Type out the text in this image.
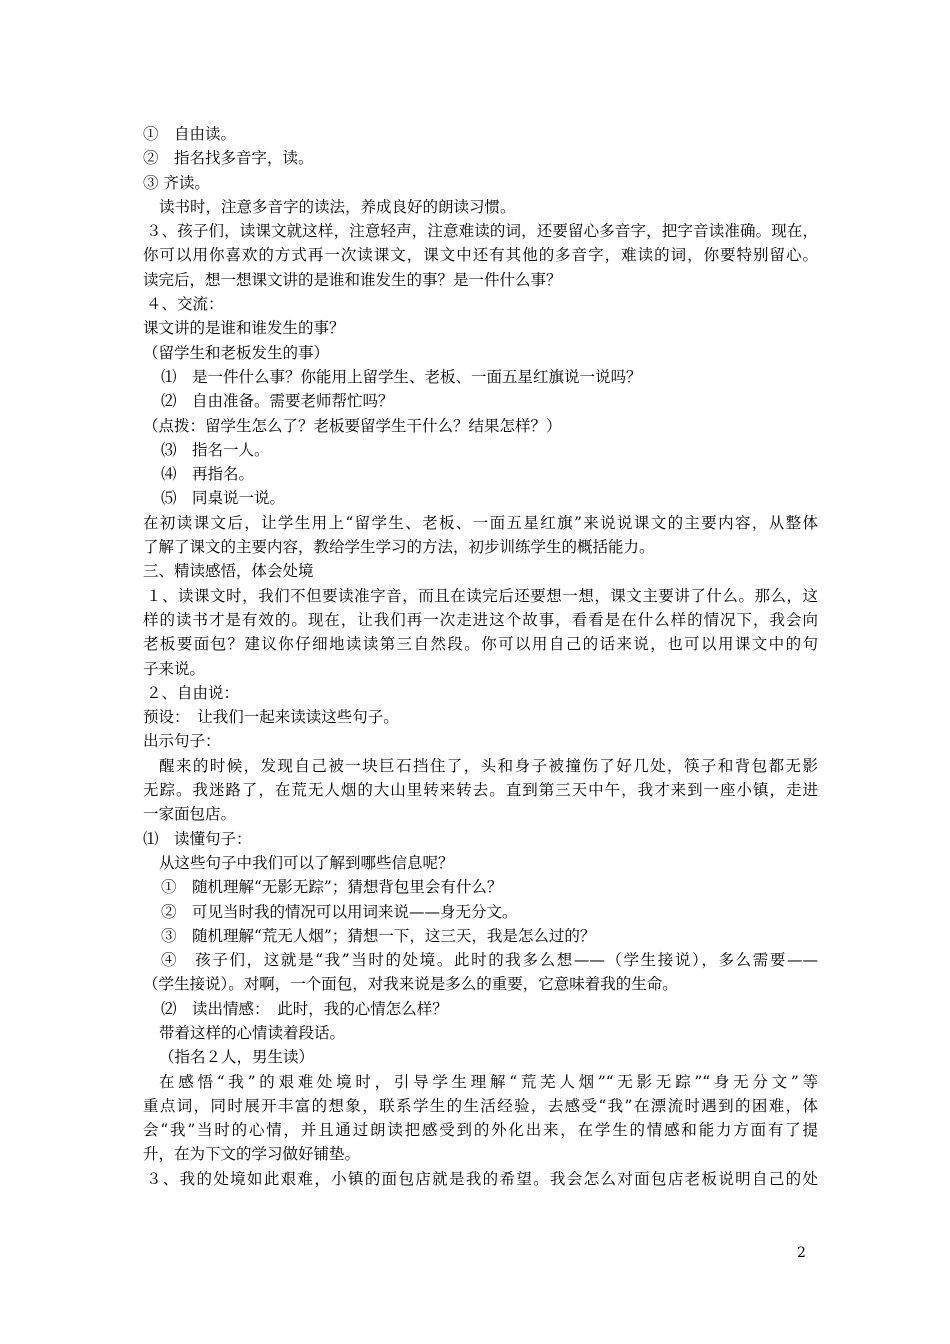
①　自由读。
②　指名找多音字，读。
③ 齐读。
读书时，注意多音字的读法，养成良好的朗读习惯。
３、孩子们，读课文就这样，注意轻声，注意难读的词，还要留心多音字，把字音读准确。现在，
你可以用你喜欢的方式再一次读课文，课文中还有其他的多音字，难读的词，你要特别留心。
读完后，想一想课文讲的是谁和谁发生的事？是一件什么事？
４、交流：
课文讲的是谁和谁发生的事？
（留学生和老板发生的事）
⑴　是一件什么事？你能用上留学生、老板、一面五星红旗说一说吗？
⑵　自由准备。需要老师帮忙吗？
（点拨：留学生怎么了？老板要留学生干什么？结果怎样？）
⑶　指名一人。
⑷　再指名。
⑸　同桌说一说。
在初读课文后，让学生用上“留学生、老板、一面五星红旗”来说说课文的主要内容，从整体
了解了课文的主要内容，教给学生学习的方法，初步训练学生的概括能力。
三、精读感悟，体会处境
１、读课文时，我们不但要读准字音，而且在读完后还要想一想，课文主要讲了什么。那么，这
样的读书才是有效的。现在，让我们再一次走进这个故事，看看是在什么样的情况下，我会向
老板要面包？建议你仔细地读读第三自然段。你可以用自己的话来说，也可以用课文中的句
子来说。
２、自由说：
预设：　让我们一起来读读这些句子。
出示句子：
醒来的时候，发现自己被一块巨石挡住了，头和身子被撞伤了好几处，筷子和背包都无影
无踪。我迷路了，在荒无人烟的大山里转来转去。直到第三天中午，我才来到一座小镇，走进
一家面包店。
⑴　读懂句子：
从这些句子中我们可以了解到哪些信息呢？
①　随机理解“无影无踪”；猜想背包里会有什么？
②　可见当时我的情况可以用词来说——身无分文。
③　随机理解“荒无人烟”；猜想一下，这三天，我是怎么过的？
④　孩子们，这就是“我”当时的处境。此时的我多么想——（学生接说），多么需要——
（学生接说）。对啊，一个面包，对我来说是多么的重要，它意味着我的生命。
⑵　读出情感：　此时，我的心情怎么样？
带着这样的心情读着段话。
（指名２人，男生读）
在感悟“我”的艰难处境时，引导学生理解“荒芜人烟”“无影无踪”“身无分文”等
重点词，同时展开丰富的想象，联系学生的生活经验，去感受“我”在漂流时遇到的困难，体
会“我”当时的心情，并且通过朗读把感受到的外化出来，在学生的情感和能力方面有了提
升，在为下文的学习做好铺垫。
３、我的处境如此艰难，小镇的面包店就是我的希望。我会怎么对面包店老板说明自己的处
2
